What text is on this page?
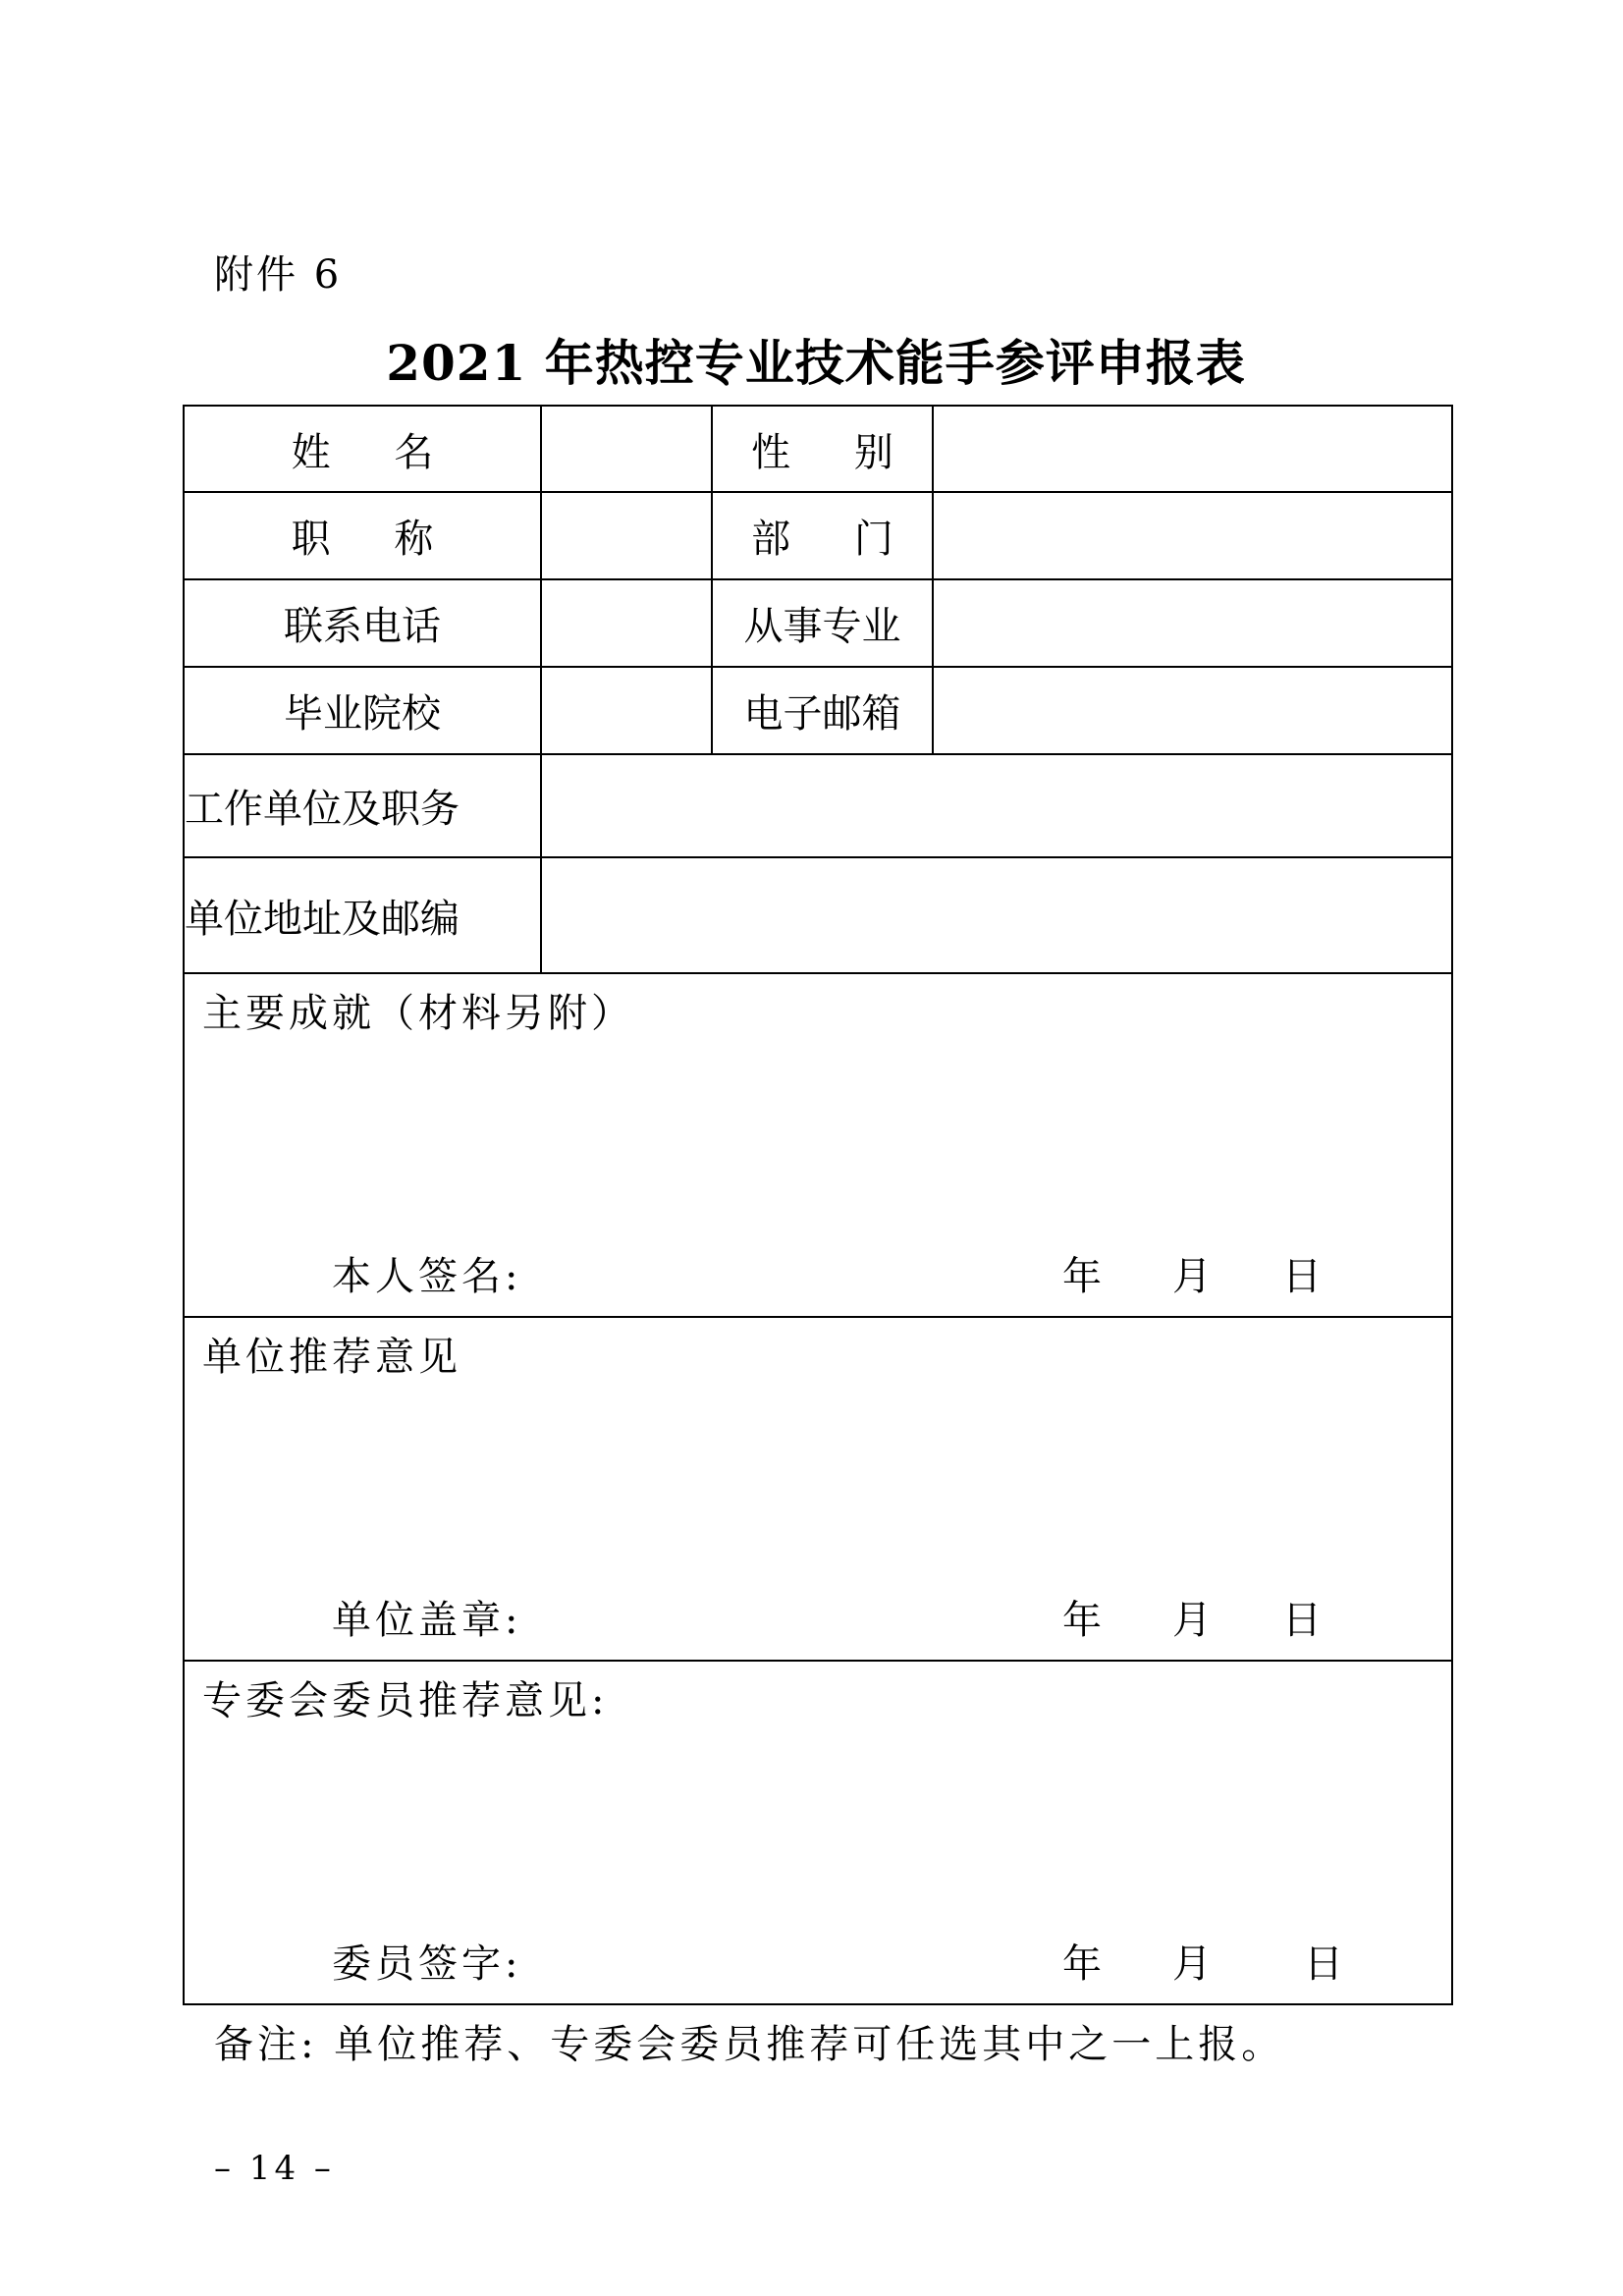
附件 6
2021 年热控专业技术能手参评申报表
姓 名		性 别	
职 称		部 门	
联系电话		从事专业	
毕业院校		电子邮箱	
工作单位及职务			
单位地址及邮编			

主要成就（材料另附）
本人签名: 年 月 日			

单位推荐意见
单位盖章: 年 月 日			

专委会委员推荐意见:
委员签字: 年 月 日			
备注: 单位推荐、专委会委员推荐可任选其中之一上报。
– 14 –
